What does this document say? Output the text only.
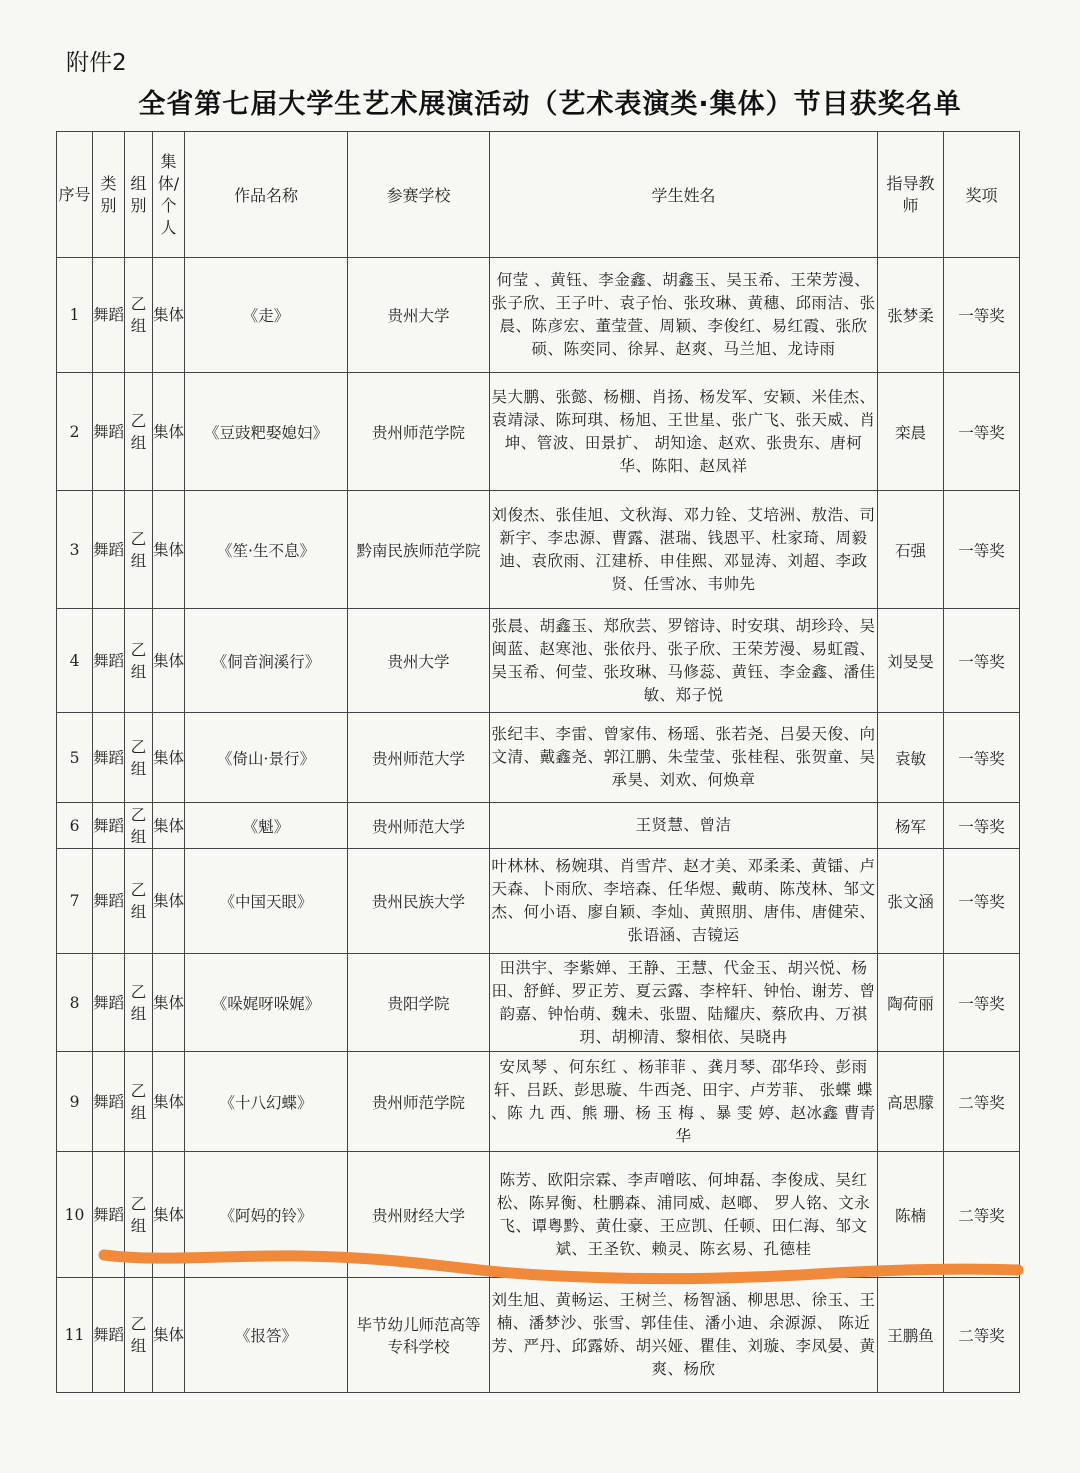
附件2
全省第七届大学生艺术展演活动（艺术表演类·集体）节目获奖名单
序号	类别	组别	集体/个人	作品名称	参赛学校	学生姓名	指导教师	奖项
1	舞蹈	乙组	集体	《走》	贵州大学	何莹 、黄钰、李金鑫、胡鑫玉、吴玉希、王荣芳漫、张子欣、王子叶、袁子怡、张玫琳、黄穗、邱雨洁、张晨、陈彦宏、董莹萱、周颖、李俊红、易红霞、张欣硕、陈奕同、徐昇、赵爽、马兰旭、龙诗雨	张梦柔	一等奖
2	舞蹈	乙组	集体	《豆豉粑娶媳妇》	贵州师范学院	吴大鹏、张懿、杨棚、肖扬、杨发军、安颖、米佳杰、袁靖渌、陈珂琪、杨旭、王世星、张广飞、张天威、肖坤、管波、田景扩、 胡知途、赵欢、张贵东、唐柯华、陈阳、赵凤祥	栾晨	一等奖
3	舞蹈	乙组	集体	《笙·生不息》	黔南民族师范学院	刘俊杰、张佳旭、文秋海、邓力铨、艾培洲、敖浩、司新宇、李忠源、曹露、湛瑞、钱恩平、杜家琦、周毅迪、袁欣雨、江建桥、申佳熙、邓显涛、刘超、李政贤、任雪冰、韦帅先	石强	一等奖
4	舞蹈	乙组	集体	《侗音涧溪行》	贵州大学	张晨、胡鑫玉、郑欣芸、罗镕诗、时安琪、胡珍玲、吴闽蓝、赵寒池、张依丹、张子欣、王荣芳漫、易虹霞、吴玉希、何莹、张玫琳、马修蕊、黄钰、李金鑫、潘佳敏、郑子悦	刘旻旻	一等奖
5	舞蹈	乙组	集体	《倚山·景行》	贵州师范大学	张纪丰、李雷、曾家伟、杨瑶、张若尧、吕晏天俊、向文清、戴鑫尧、郭江鹏、朱莹莹、张桂程、张贺童、吴承昊、刘欢、何焕章	袁敏	一等奖
6	舞蹈	乙组	集体	《魁》	贵州师范大学	王贤慧、曾洁	杨军	一等奖
7	舞蹈	乙组	集体	《中国天眼》	贵州民族大学	叶林林、杨婉琪、肖雪芹、赵才美、邓柔柔、黄镭、卢天森、卜雨欣、李培森、任华煜、戴萌、陈茂林、邹文杰、何小语、廖自颖、李灿、黄照朋、唐伟、唐健荣、张语涵、吉镜运	张文涵	一等奖
8	舞蹈	乙组	集体	《哚娓呀哚娓》	贵阳学院	田洪宇、李紫婵、王静、王慧、代金玉、胡兴悦、杨田、舒鲜、罗正芳、夏云露、李梓轩、钟怡、谢芳、曾韵嘉、钟怡萌、魏未、张盟、陆耀庆、蔡欣冉、万祺玥、胡柳清、黎相依、吴晓冉	陶荷丽	一等奖
9	舞蹈	乙组	集体	《十八幻蝶》	贵州师范学院	安凤琴 、何东红 、杨菲菲 、龚月琴、邵华玲、彭雨轩、吕跃、彭思璇、牛西尧、田宇、卢芳菲、 张蝶 蝶 、陈 九 西、熊 珊、杨 玉 梅 、暴 雯 婷、赵冰鑫 曹青华	高思朦	二等奖
10	舞蹈	乙组	集体	《阿妈的铃》	贵州财经大学	陈芳、欧阳宗霖、李声噌呟、何坤磊、李俊成、吴红松、陈昇衡、杜鹏森、浦同威、赵啷、 罗人铭、文永飞、谭粤黔、黄仕豪、王应凯、任顿、田仁海、邹文斌、王圣钦、赖灵、陈玄易、孔德桂	陈楠	二等奖
11	舞蹈	乙组	集体	《报答》	毕节幼儿师范高等专科学校	刘生旭、黄畅运、王树兰、杨智涵、柳思思、徐玉、王楠、潘梦沙、张雪、郭佳佳、潘小迪、余源源、 陈近芳、严丹、邱露娇、胡兴娅、瞿佳、刘璇、李凤晏、黄爽、杨欣	王鹏鱼	二等奖
